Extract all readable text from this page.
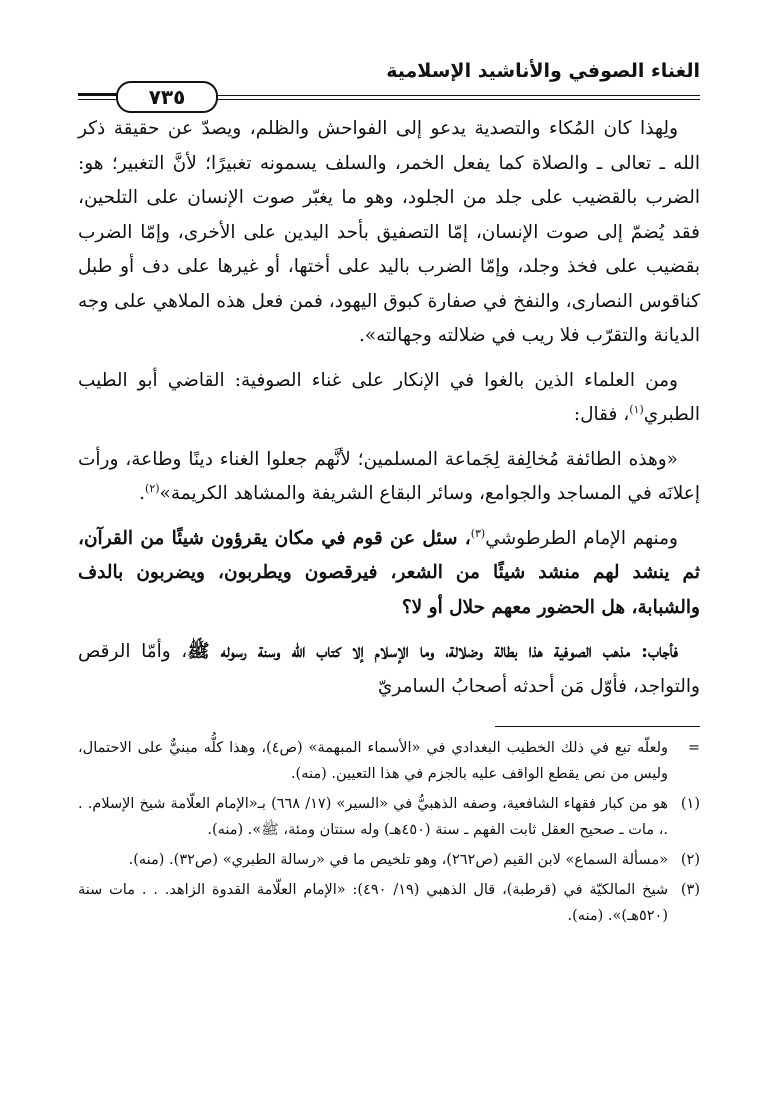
الغناء الصوفي والأناشيد الإسلامية
٧٣٥

ولِهذا كان المُكاء والتصدية يدعو إلى الفواحش والظلم، ويصدّ عن حقيقة ذكر الله ـ تعالى ـ والصلاة كما يفعل الخمر، والسلف يسمونه تغبيرًا؛ لأنَّ التغبير؛ هو: الضرب بالقضيب على جلد من الجلود، وهو ما يغبّر صوت الإنسان على التلحين، فقد يُضمّ إلى صوت الإنسان، إمّا التصفيق بأحد اليدين على الأخرى، وإمّا الضرب بقضيب على فخذ وجلد، وإمّا الضرب باليد على أختها، أو غيرها على دف أو طبل كناقوس النصارى، والنفخ في صفارة كبوق اليهود، فمن فعل هذه الملاهي على وجه الديانة والتقرّب فلا ريب في ضلالته وجهالته».

ومن العلماء الذين بالغوا في الإنكار على غناء الصوفية: القاضي أبو الطيب الطبري$^{(١)}$، فقال:

«وهذه الطائفة مُخالِفة لِجَماعة المسلمين؛ لأنَّهم جعلوا الغناء دينًا وطاعة، ورأت إعلانَه في المساجد والجوامع، وسائر البقاع الشريفة والمشاهد الكريمة»$^{(٢)}$.

ومنهم الإمام الطرطوشي$^{(٣)}$، سئل عن قوم في مكان يقرؤون شيئًا من القرآن، ثم ينشد لهم منشد شيئًا من الشعر، فيرقصون ويطربون، ويضربون بالدف والشبابة، هل الحضور معهم حلال أو لا؟

فأجاب: مذهب الصوفية هذا بطالة وضلالة، وما الإسلام إلا كتاب الله وسنة رسوله ﷺ، وأمّا الرقص والتواجد، فأوّل مَن أحدثه أصحابُ السامريّ

=
ولعلّه تبع في ذلك الخطيب البغدادي في «الأسماء المبهمة» (ص٤)، وهذا كلُّه مبنيٌّ على الاحتمال، وليس من نص يقطع الواقف عليه بالجزم في هذا التعيين. (منه).

(١)
هو من كبار فقهاء الشافعية، وصفه الذهبيُّ في «السير» (١٧/ ٦٦٨) بـ«الإمام العلّامة شيخ الإسلام. . .، مات ـ صحيح العقل ثابت الفهم ـ سنة (٤٥٠هـ) وله سنتان ومئة، ﷺ». (منه).

(٢)
«مسألة السماع» لابن القيم (ص٢٦٢)، وهو تلخيص ما في «رسالة الطبري» (ص٣٢). (منه).

(٣)
شيخ المالكيّة في (قرطبة)، قال الذهبي (١٩/ ٤٩٠): «الإمام العلّامة القدوة الزاهد. . . مات سنة (٥٢٠هـ)». (منه).
